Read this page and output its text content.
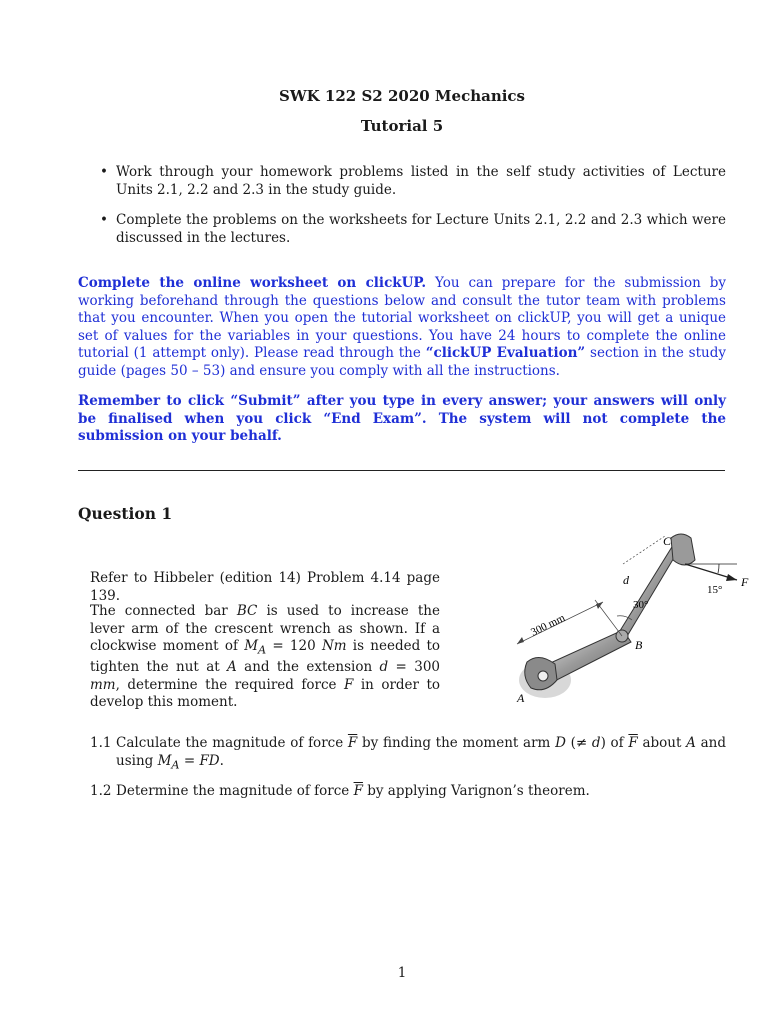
SWK 122 S2 2020 Mechanics
Tutorial 5
• Work through your homework problems listed in the self study activities of Lecture Units 2.1, 2.2 and 2.3 in the study guide.
• Complete the problems on the worksheets for Lecture Units 2.1, 2.2 and 2.3 which were discussed in the lectures.
Complete the online worksheet on clickUP. You can prepare for the submission by working beforehand through the questions below and consult the tutor team with problems that you encounter. When you open the tutorial worksheet on clickUP, you will get a unique set of values for the variables in your questions. You have 24 hours to complete the online tutorial (1 attempt only). Please read through the “clickUP Evaluation” section in the study guide (pages 50 – 53) and ensure you comply with all the instructions.
Remember to click “Submit” after you type in every answer; your answers will only be finalised when you click “End Exam”. The system will not complete the submission on your behalf.
Question 1
Refer to Hibbeler (edition 14) Problem 4.14 page 139.
The connected bar BC is used to increase the lever arm of the crescent wrench as shown. If a clockwise moment of $M_A = 120$ Nm is needed to tighten the nut at A and the extension d = 300 mm, determine the required force F in order to develop this moment.
C
d	F
15°
30°
300 mm
B
A
1.1 Calculate the magnitude of force $\overline{F}$ by finding the moment arm D (≠ d) of $\overline{F}$ about A and using $M_A$ = FD.
1.2 Determine the magnitude of force $\overline{F}$ by applying Varignon’s theorem.
1
